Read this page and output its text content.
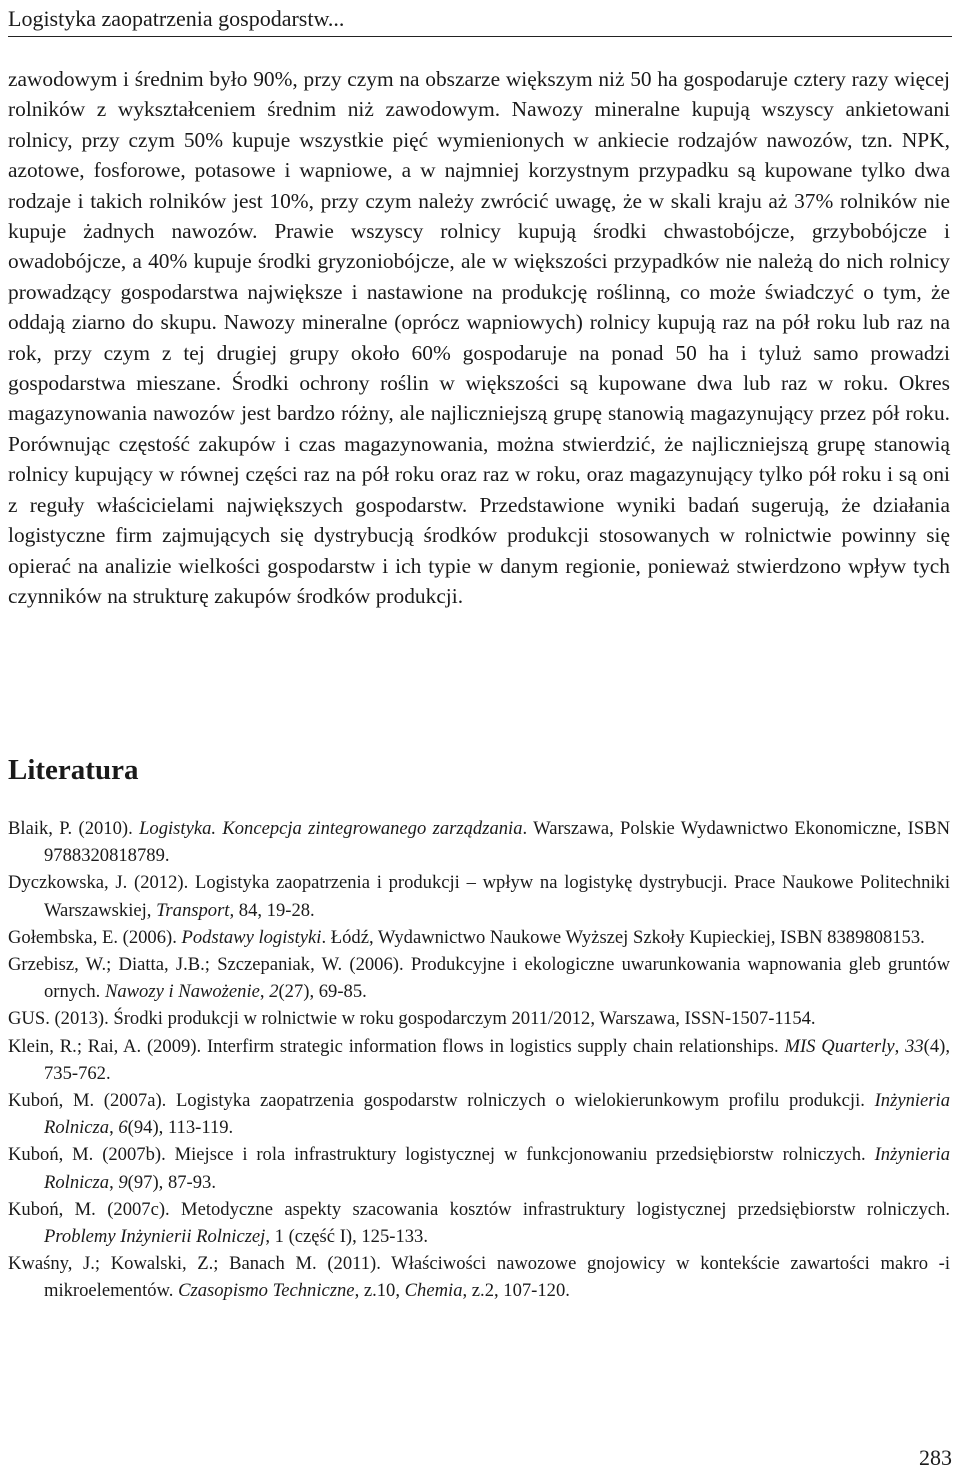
Logistyka zaopatrzenia gospodarstw...

zawodowym i średnim było 90%, przy czym na obszarze większym niż 50 ha gospodaruje cztery razy więcej rolników z wykształceniem średnim niż zawodowym. Nawozy mineralne kupują wszyscy ankietowani rolnicy, przy czym 50% kupuje wszystkie pięć wymienionych w ankiecie rodzajów nawozów, tzn. NPK, azotowe, fosforowe, potasowe i wapniowe, a w najmniej korzystnym przypadku są kupowane tylko dwa rodzaje i takich rolników jest 10%, przy czym należy zwrócić uwagę, że w skali kraju aż 37% rolników nie kupuje żadnych nawozów. Prawie wszyscy rolnicy kupują środki chwastobójcze, grzybobójcze i owadobójcze, a 40% kupuje środki gryzoniobójcze, ale w większości przypadków nie należą do nich rolnicy prowadzący gospodarstwa największe i nastawione na produkcję roślinną, co może świadczyć o tym, że oddają ziarno do skupu. Nawozy mineralne (oprócz wapniowych) rolnicy kupują raz na pół roku lub raz na rok, przy czym z tej drugiej grupy około 60% gospodaruje na ponad 50 ha i tyluż samo prowadzi gospodarstwa mieszane. Środki ochrony roślin w większości są kupowane dwa lub raz w roku. Okres magazynowania nawozów jest bardzo różny, ale najliczniejszą grupę stanowią magazynujący przez pół roku. Porównując częstość zakupów i czas magazynowania, można stwierdzić, że najliczniejszą grupę stanowią rolnicy kupujący w równej części raz na pół roku oraz raz w roku, oraz magazynujący tylko pół roku i są oni z reguły właścicielami największych gospodarstw. Przedstawione wyniki badań sugerują, że działania logistyczne firm zajmujących się dystrybucją środków produkcji stosowanych w rolnictwie powinny się opierać na analizie wielkości gospodarstw i ich typie w danym regionie, ponieważ stwierdzono wpływ tych czynników na strukturę zakupów środków produkcji.

Literatura

Blaik, P. (2010). Logistyka. Koncepcja zintegrowanego zarządzania. Warszawa, Polskie Wydawnictwo Ekonomiczne, ISBN 9788320818789.

Dyczkowska, J. (2012). Logistyka zaopatrzenia i produkcji – wpływ na logistykę dystrybucji. Prace Naukowe Politechniki Warszawskiej, Transport, 84, 19-28.

Gołembska, E. (2006). Podstawy logistyki. Łódź, Wydawnictwo Naukowe Wyższej Szkoły Kupieckiej, ISBN 8389808153.

Grzebisz, W.; Diatta, J.B.; Szczepaniak, W. (2006). Produkcyjne i ekologiczne uwarunkowania wapnowania gleb gruntów ornych. Nawozy i Nawożenie, 2(27), 69-85.

GUS. (2013). Środki produkcji w rolnictwie w roku gospodarczym 2011/2012, Warszawa, ISSN-1507-1154.

Klein, R.; Rai, A. (2009). Interfirm strategic information flows in logistics supply chain relationships. MIS Quarterly, 33(4), 735-762.

Kuboń, M. (2007a). Logistyka zaopatrzenia gospodarstw rolniczych o wielokierunkowym profilu produkcji. Inżynieria Rolnicza, 6(94), 113-119.

Kuboń, M. (2007b). Miejsce i rola infrastruktury logistycznej w funkcjonowaniu przedsiębiorstw rolniczych. Inżynieria Rolnicza, 9(97), 87-93.

Kuboń, M. (2007c). Metodyczne aspekty szacowania kosztów infrastruktury logistycznej przedsiębiorstw rolniczych. Problemy Inżynierii Rolniczej, 1 (część I), 125-133.

Kwaśny, J.; Kowalski, Z.; Banach M. (2011). Właściwości nawozowe gnojowicy w kontekście zawartości makro -i mikroelementów. Czasopismo Techniczne, z.10, Chemia, z.2, 107-120.

283
